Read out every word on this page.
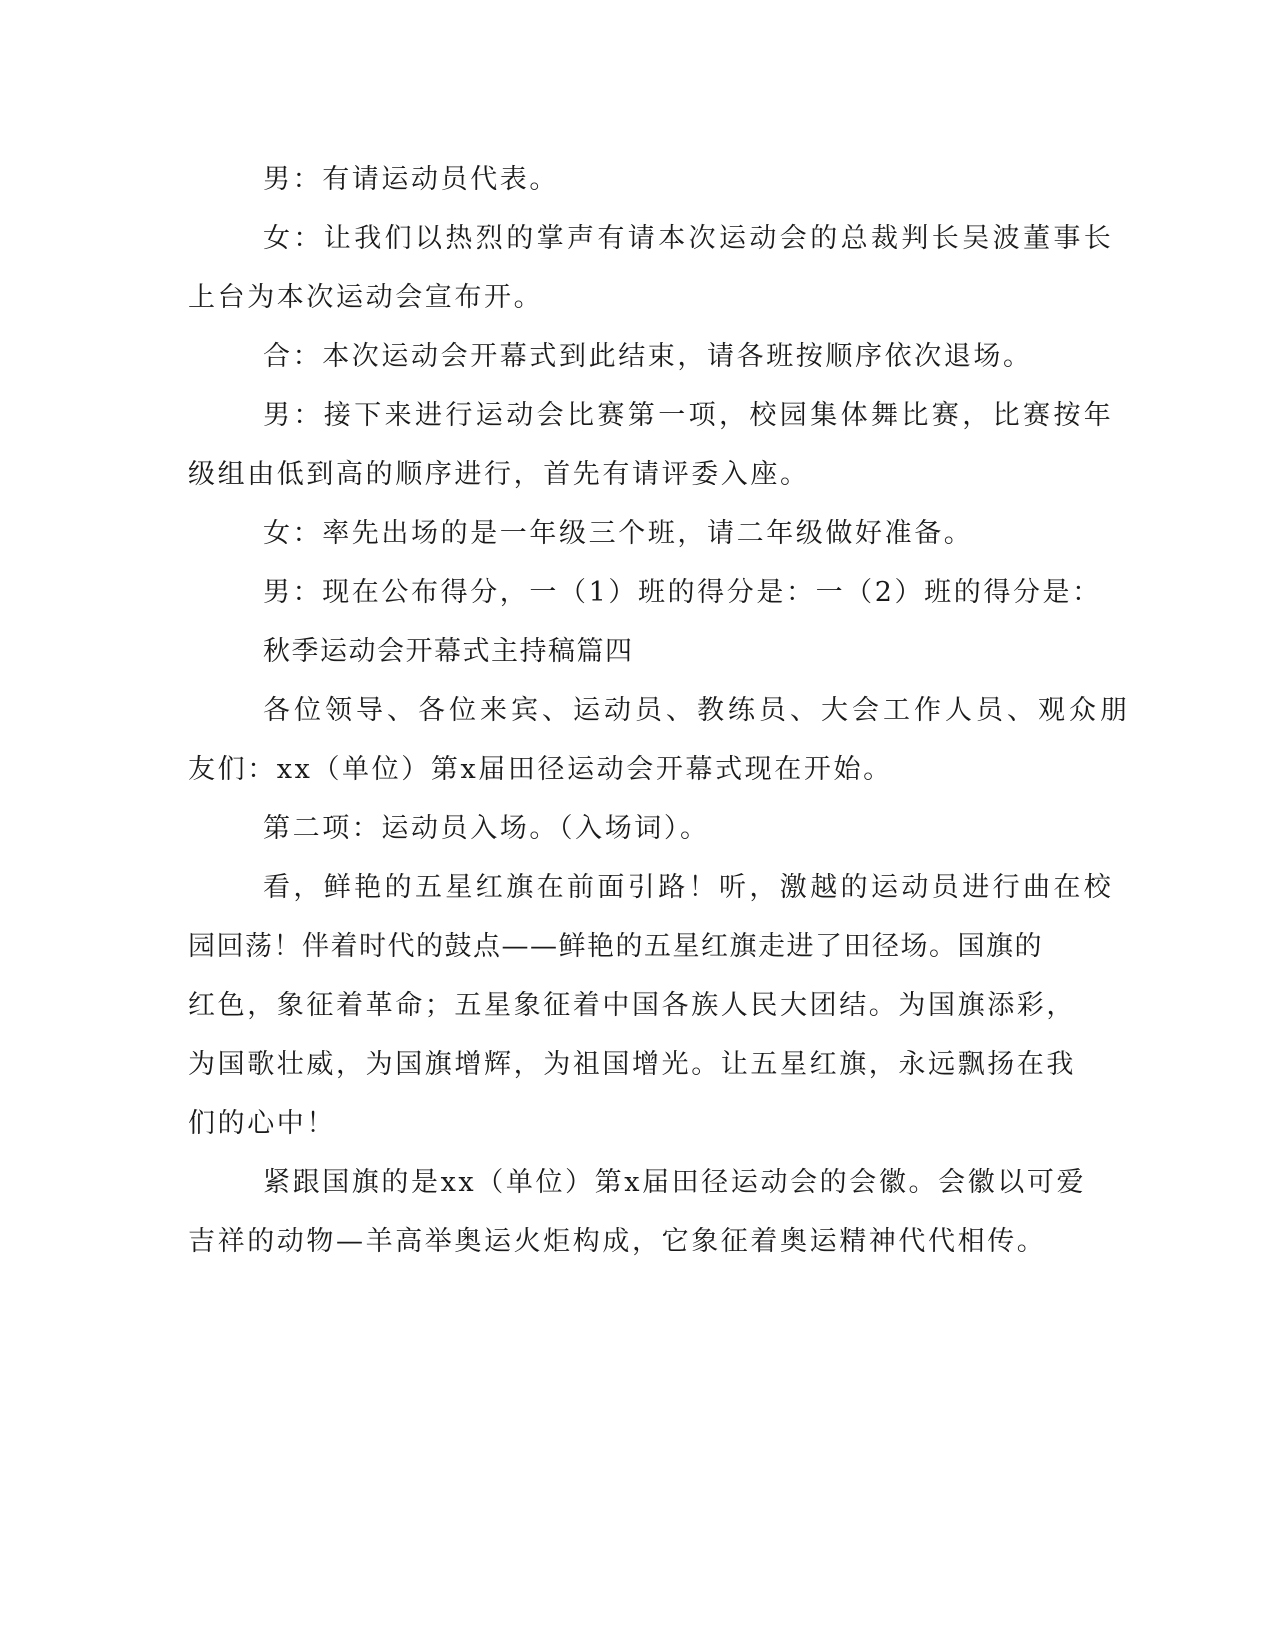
男：有请运动员代表。
女：让我们以热烈的掌声有请本次运动会的总裁判长吴波董事长
上台为本次运动会宣布开。
合：本次运动会开幕式到此结束，请各班按顺序依次退场。
男：接下来进行运动会比赛第一项，校园集体舞比赛，比赛按年
级组由低到高的顺序进行，首先有请评委入座。
女：率先出场的是一年级三个班，请二年级做好准备。
男：现在公布得分，一（1）班的得分是：一（2）班的得分是：
秋季运动会开幕式主持稿篇四
各位领导、各位来宾、运动员、教练员、大会工作人员、观众朋
友们：xx（单位）第x届田径运动会开幕式现在开始。
第二项：运动员入场。（入场词）。
看，鲜艳的五星红旗在前面引路！听，激越的运动员进行曲在校
园回荡！伴着时代的鼓点——鲜艳的五星红旗走进了田径场。国旗的
红色，象征着革命；五星象征着中国各族人民大团结。为国旗添彩，
为国歌壮威，为国旗增辉，为祖国增光。让五星红旗，永远飘扬在我
们的心中！
紧跟国旗的是xx（单位）第x届田径运动会的会徽。会徽以可爱
吉祥的动物—羊高举奥运火炬构成，它象征着奥运精神代代相传。
